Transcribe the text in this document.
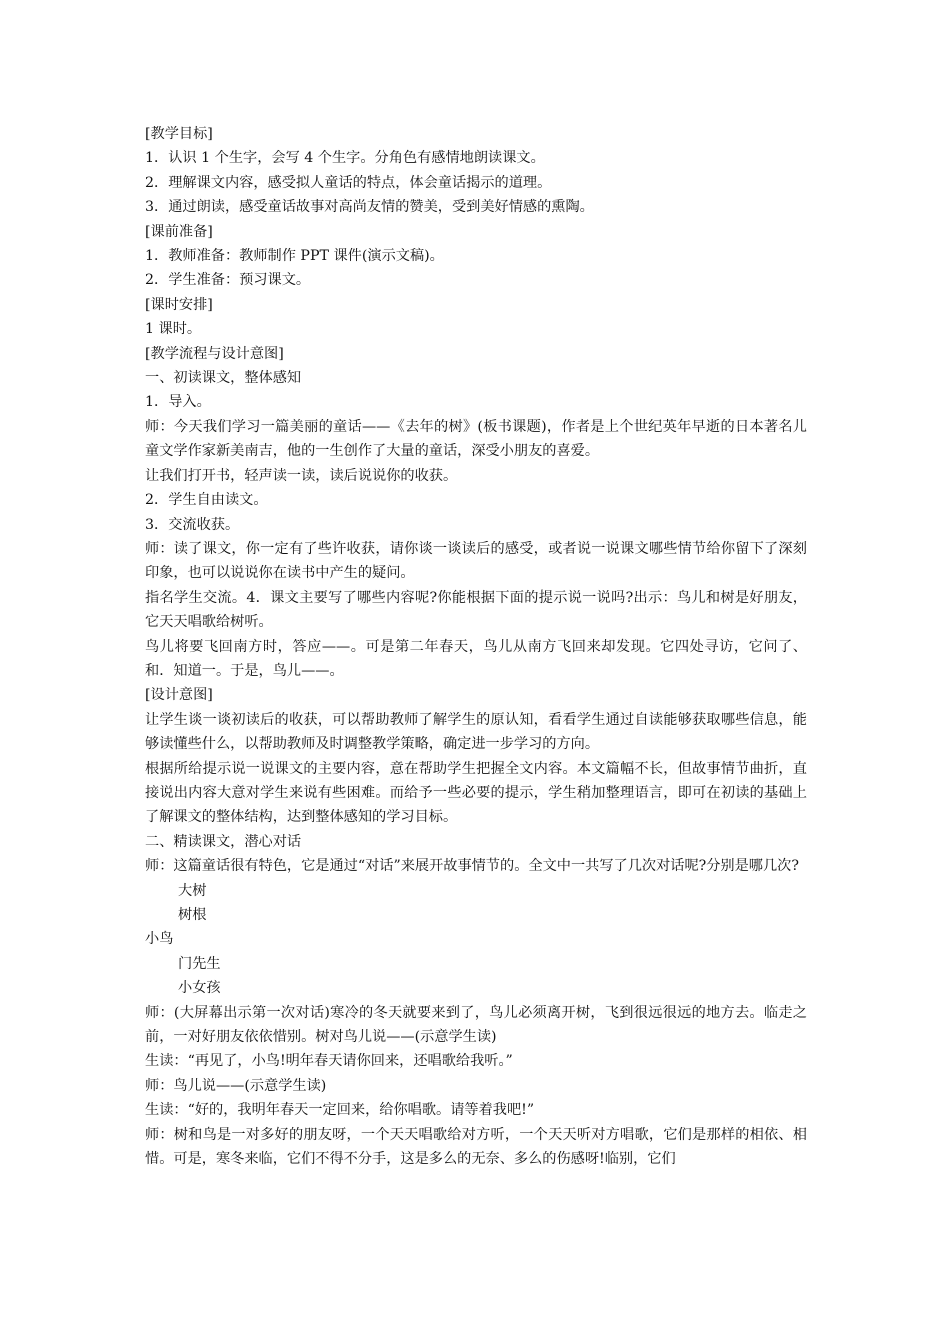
[教学目标]

1．认识 1 个生字，会写 4 个生字。分角色有感情地朗读课文。

2．理解课文内容，感受拟人童话的特点，体会童话揭示的道理。

3．通过朗读，感受童话故事对高尚友情的赞美，受到美好情感的熏陶。

[课前准备]

1．教师准备：教师制作 PPT 课件(演示文稿)。

2．学生准备：预习课文。

[课时安排]

1 课时。

[教学流程与设计意图]

一、初读课文，整体感知

1．导入。

师：今天我们学习一篇美丽的童话——《去年的树》(板书课题)，作者是上个世纪英年早逝的日本著名儿童文学作家新美南吉，他的一生创作了大量的童话，深受小朋友的喜爱。

让我们打开书，轻声读一读，读后说说你的收获。

2．学生自由读文。

3．交流收获。

师：读了课文，你一定有了些许收获，请你谈一谈读后的感受，或者说一说课文哪些情节给你留下了深刻印象，也可以说说你在读书中产生的疑问。

指名学生交流。4．课文主要写了哪些内容呢?你能根据下面的提示说一说吗?出示：鸟儿和树是好朋友，它天天唱歌给树听。

鸟儿将要飞回南方时，答应——。可是第二年春天，鸟儿从南方飞回来却发现。它四处寻访，它问了、和．知道一。于是，鸟儿——。

[设计意图]

让学生谈一谈初读后的收获，可以帮助教师了解学生的原认知，看看学生通过自读能够获取哪些信息，能够读懂些什么，以帮助教师及时调整教学策略，确定进一步学习的方向。

根据所给提示说一说课文的主要内容，意在帮助学生把握全文内容。本文篇幅不长，但故事情节曲折，直接说出内容大意对学生来说有些困难。而给予一些必要的提示，学生稍加整理语言，即可在初读的基础上了解课文的整体结构，达到整体感知的学习目标。

二、精读课文，潜心对话

师：这篇童话很有特色，它是通过“对话”来展开故事情节的。全文中一共写了几次对话呢?分别是哪几次?

大树

树根

小鸟

门先生

小女孩

师：(大屏幕出示第一次对话)寒冷的冬天就要来到了，鸟儿必须离开树，飞到很远很远的地方去。临走之前，一对好朋友依依惜别。树对鸟儿说——(示意学生读)

生读：“再见了，小鸟!明年春天请你回来，还唱歌给我听。”

师：鸟儿说——(示意学生读)

生读：“好的，我明年春天一定回来，给你唱歌。请等着我吧!”

师：树和鸟是一对多好的朋友呀，一个天天唱歌给对方听，一个天天听对方唱歌，它们是那样的相依、相惜。可是，寒冬来临，它们不得不分手，这是多么的无奈、多么的伤感呀!临别，它们
